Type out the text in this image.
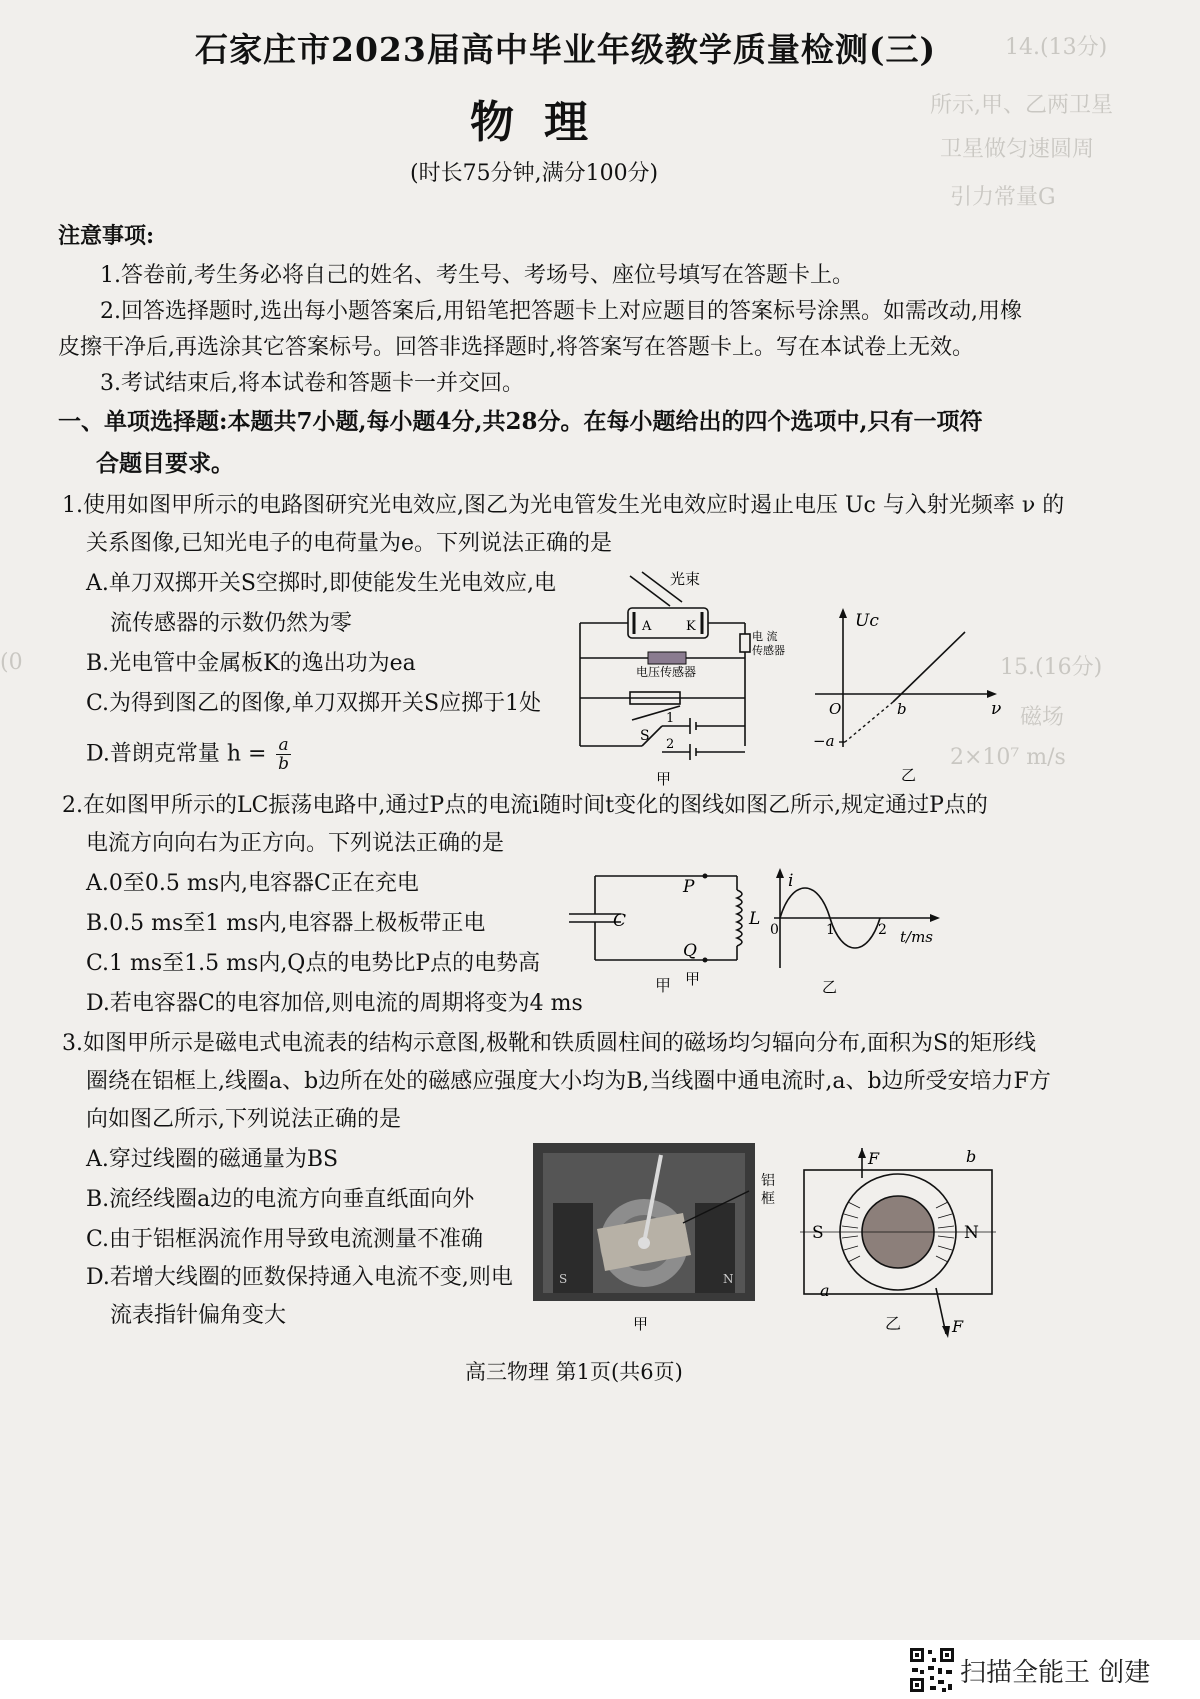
14.(13分)
所示,甲、乙两卫星
卫星做匀速圆周
引力常量G
(0	15.(16分)
磁场
2×10⁷ m/s
石家庄市2023届高中毕业年级教学质量检测(三)
物理
(时长75分钟,满分100分)
注意事项:
1.答卷前,考生务必将自己的姓名、考生号、考场号、座位号填写在答题卡上。
2.回答选择题时,选出每小题答案后,用铅笔把答题卡上对应题目的答案标号涂黑。如需改动,用橡
皮擦干净后,再选涂其它答案标号。回答非选择题时,将答案写在答题卡上。写在本试卷上无效。
3.考试结束后,将本试卷和答题卡一并交回。
一、单项选择题:本题共7小题,每小题4分,共28分。在每小题给出的四个选项中,只有一项符
合题目要求。
1.使用如图甲所示的电路图研究光电效应,图乙为光电管发生光电效应时遏止电压 Uc 与入射光频率 ν 的
关系图像,已知光电子的电荷量为e。下列说法正确的是
A.单刀双掷开关S空掷时,即使能发生光电效应,电
流传感器的示数仍然为零
B.光电管中金属板K的逸出功为ea
C.为得到图乙的图像,单刀双掷开关S应掷于1处
D.普朗克常量 $h = \frac{a}{b}$
光束
A	K
电 流
传感器
电压传感器
S
1
2
甲
Uc
ν
O	b
−a
乙
2.在如图甲所示的LC振荡电路中,通过P点的电流i随时间t变化的图线如图乙所示,规定通过P点的
电流方向向右为正方向。下列说法正确的是
A.0至0.5 ms内,电容器C正在充电
B.0.5 ms至1 ms内,电容器上极板带正电
C.1 ms至1.5 ms内,Q点的电势比P点的电势高
D.若电容器C的电容加倍,则电流的周期将变为4 ms
C	L
P
Q
甲
甲
i
t/ms
0	1	2
乙
3.如图甲所示是磁电式电流表的结构示意图,极靴和铁质圆柱间的磁场均匀辐向分布,面积为S的矩形线
圈绕在铝框上,线圈a、b边所在处的磁感应强度大小均为B,当线圈中通电流时,a、b边所受安培力F方
向如图乙所示,下列说法正确的是
A.穿过线圈的磁通量为BS
B.流经线圈a边的电流方向垂直纸面向外
C.由于铝框涡流作用导致电流测量不准确
D.若增大线圈的匝数保持通入电流不变,则电
流表指针偏角变大
S	N
铝
框
甲
S	N
F
F
a
b
乙
高三物理 第1页(共6页)
扫描全能王 创建
